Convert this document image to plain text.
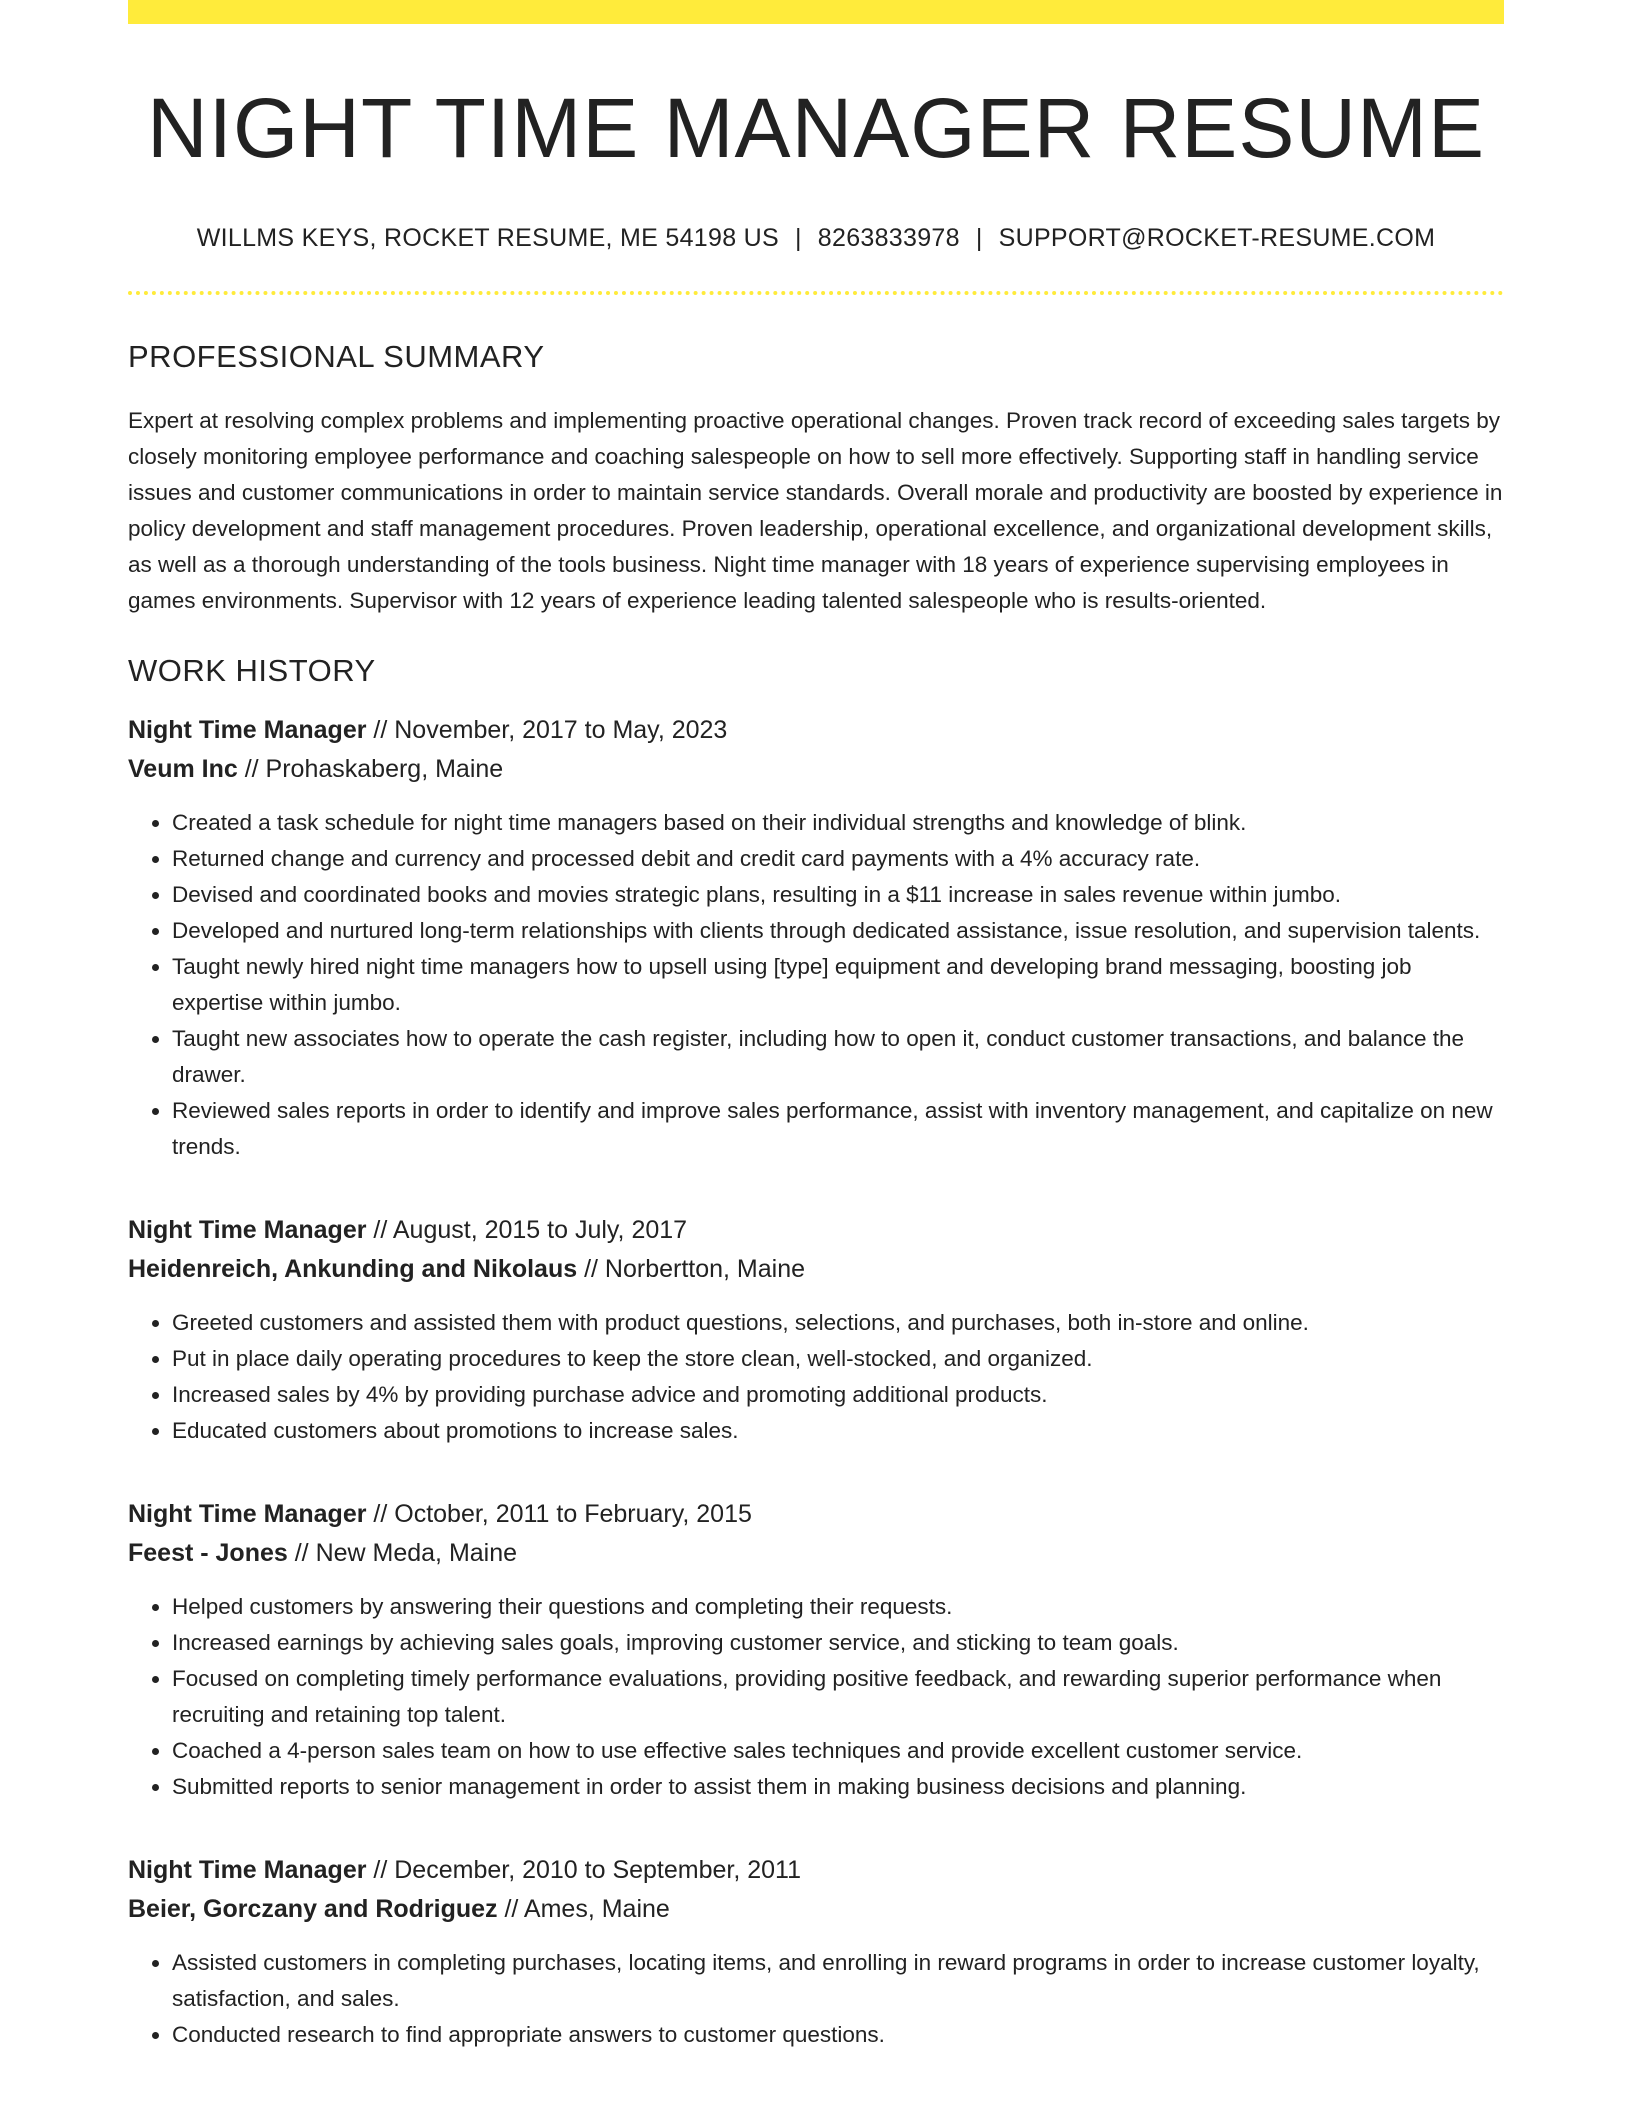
NIGHT TIME MANAGER RESUME
WILLMS KEYS, ROCKET RESUME, ME 54198 US | 8263833978 | SUPPORT@ROCKET-RESUME.COM
PROFESSIONAL SUMMARY

Expert at resolving complex problems and implementing proactive operational changes. Proven track record of exceeding sales targets by closely monitoring employee performance and coaching salespeople on how to sell more effectively. Supporting staff in handling service issues and customer communications in order to maintain service standards. Overall morale and productivity are boosted by experience in policy development and staff management procedures. Proven leadership, operational excellence, and organizational development skills, as well as a thorough understanding of the tools business. Night time manager with 18 years of experience supervising employees in games environments. Supervisor with 12 years of experience leading talented salespeople who is results-oriented.

WORK HISTORY
Night Time Manager // November, 2017 to May, 2023
Veum Inc // Prohaskaberg, Maine
• Created a task schedule for night time managers based on their individual strengths and knowledge of blink.
• Returned change and currency and processed debit and credit card payments with a 4% accuracy rate.
• Devised and coordinated books and movies strategic plans, resulting in a $11 increase in sales revenue within jumbo.
• Developed and nurtured long-term relationships with clients through dedicated assistance, issue resolution, and supervision talents.
• Taught newly hired night time managers how to upsell using [type] equipment and developing brand messaging, boosting job expertise within jumbo.
• Taught new associates how to operate the cash register, including how to open it, conduct customer transactions, and balance the drawer.
• Reviewed sales reports in order to identify and improve sales performance, assist with inventory management, and capitalize on new trends.
Night Time Manager // August, 2015 to July, 2017
Heidenreich, Ankunding and Nikolaus // Norbertton, Maine
• Greeted customers and assisted them with product questions, selections, and purchases, both in-store and online.
• Put in place daily operating procedures to keep the store clean, well-stocked, and organized.
• Increased sales by 4% by providing purchase advice and promoting additional products.
• Educated customers about promotions to increase sales.
Night Time Manager // October, 2011 to February, 2015
Feest - Jones // New Meda, Maine
• Helped customers by answering their questions and completing their requests.
• Increased earnings by achieving sales goals, improving customer service, and sticking to team goals.
• Focused on completing timely performance evaluations, providing positive feedback, and rewarding superior performance when recruiting and retaining top talent.
• Coached a 4-person sales team on how to use effective sales techniques and provide excellent customer service.
• Submitted reports to senior management in order to assist them in making business decisions and planning.
Night Time Manager // December, 2010 to September, 2011
Beier, Gorczany and Rodriguez // Ames, Maine
• Assisted customers in completing purchases, locating items, and enrolling in reward programs in order to increase customer loyalty, satisfaction, and sales.
• Conducted research to find appropriate answers to customer questions.
